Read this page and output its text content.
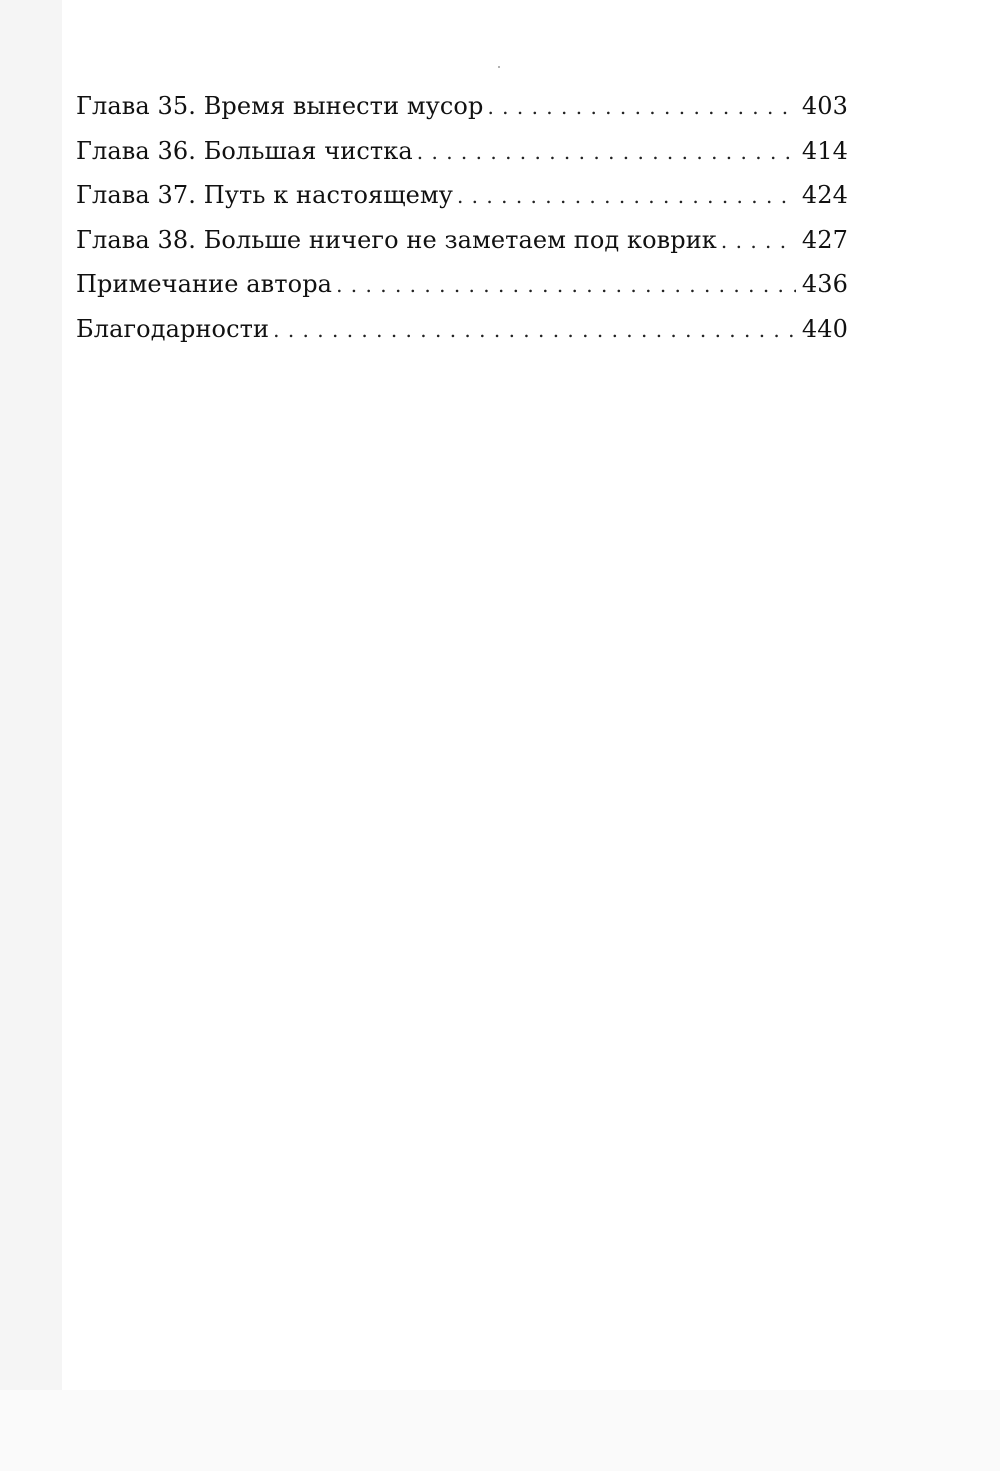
Глава 35. Время вынести мусор . . .	403
Глава 36. Большая чистка . . .	414
Глава 37. Путь к настоящему . . .	424
Глава 38. Больше ничего не заметаем под коврик . . .	427
Примечание автора . . .	436
Благодарности . . .	440
